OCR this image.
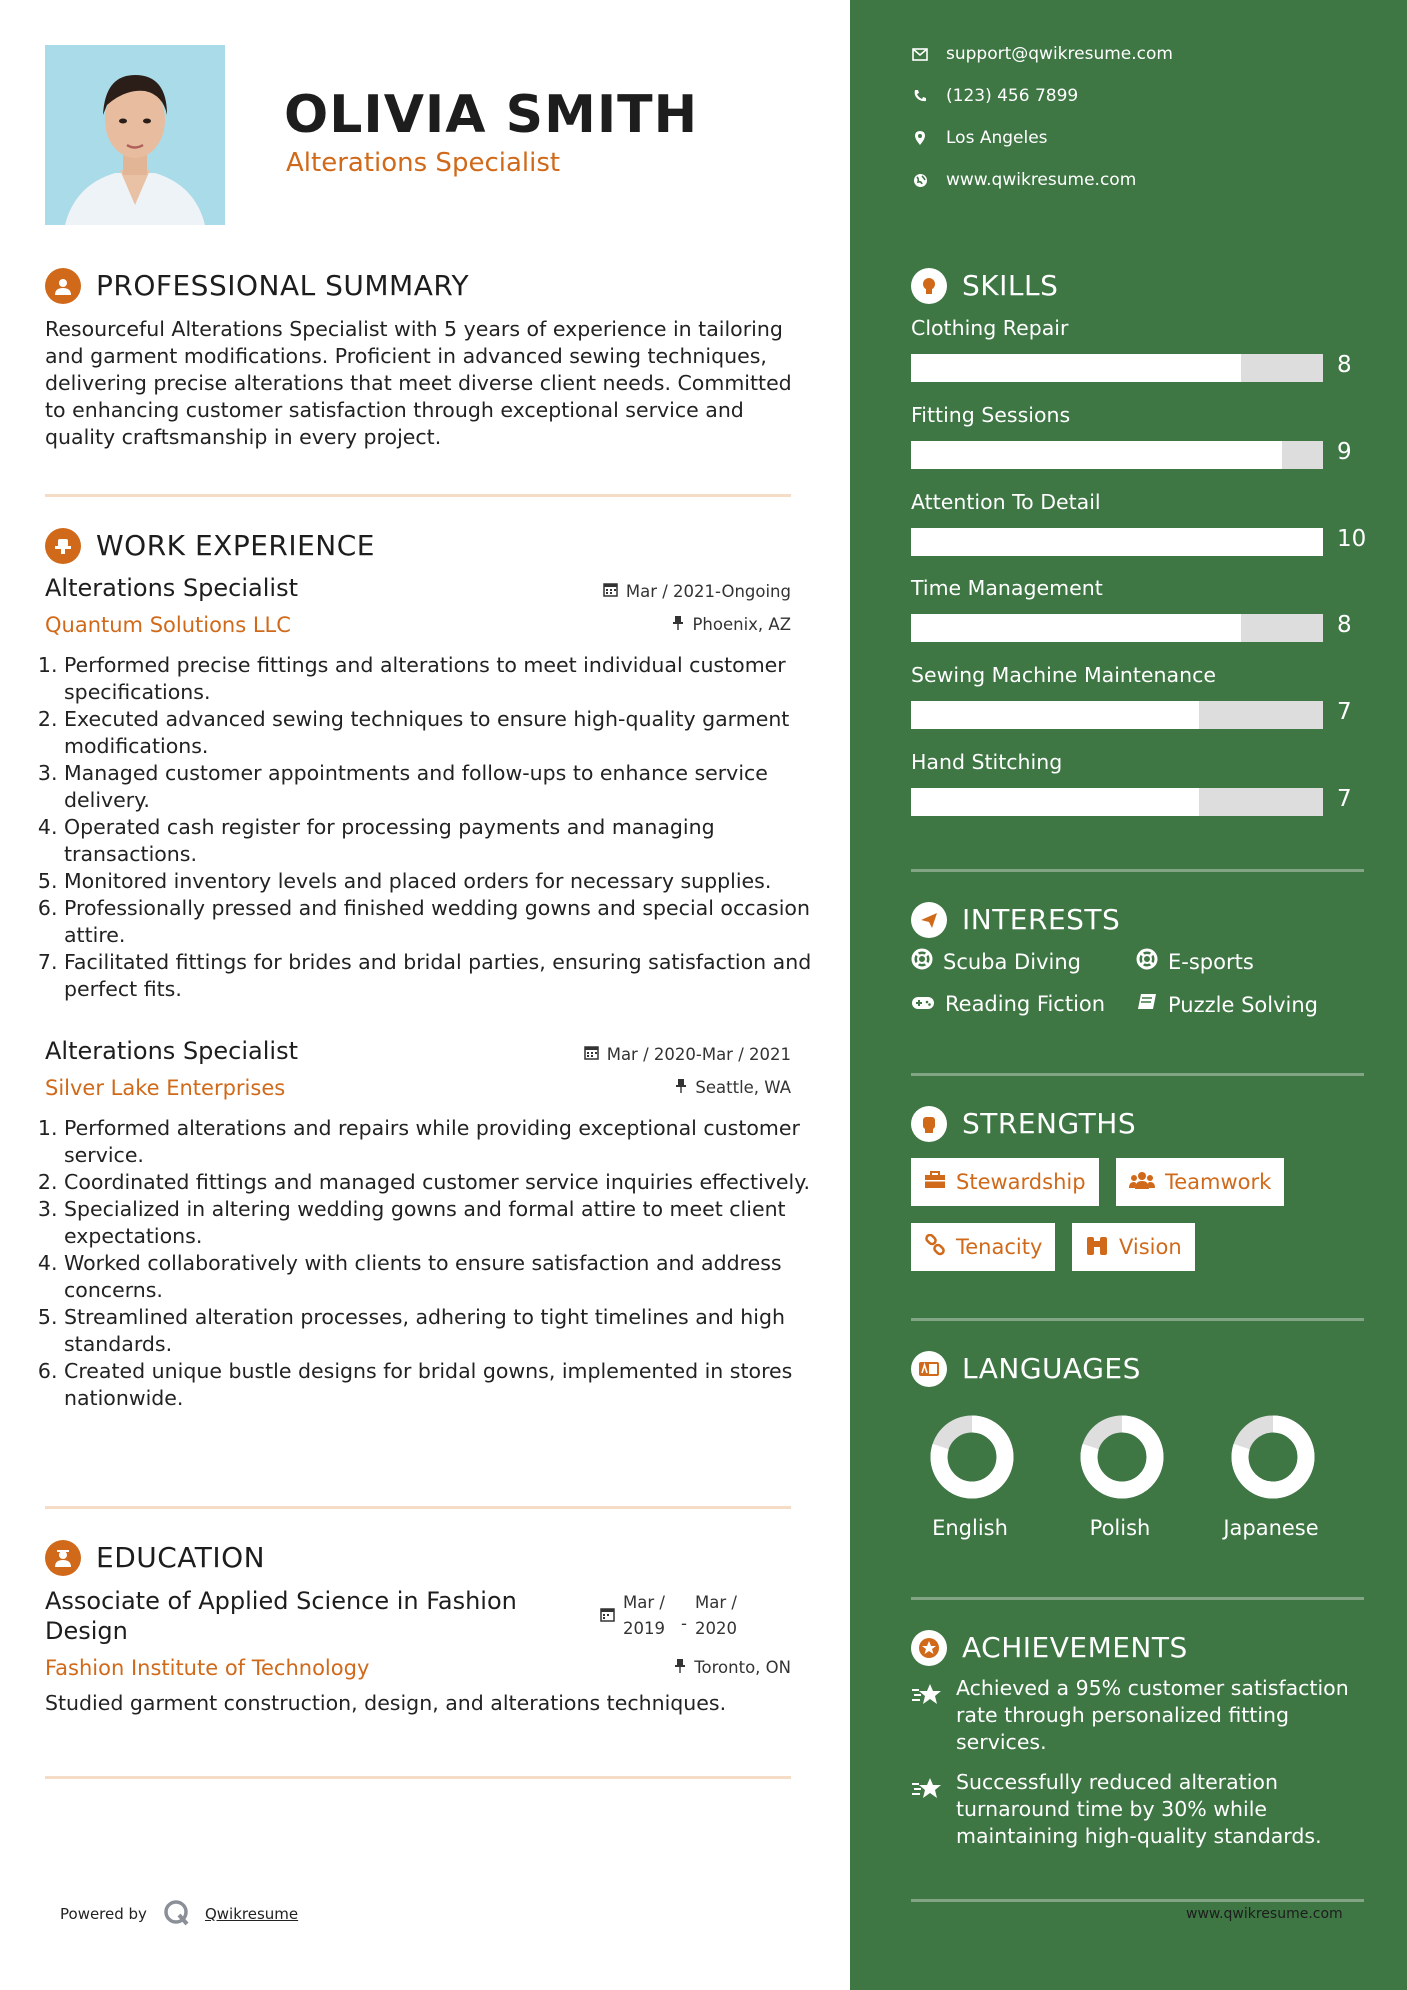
OLIVIA SMITH
Alterations Specialist
PROFESSIONAL SUMMARY
Resourceful Alterations Specialist with 5 years of experience in tailoring and garment modifications. Proficient in advanced sewing techniques, delivering precise alterations that meet diverse client needs. Committed to enhancing customer satisfaction through exceptional service and quality craftsmanship in every project.
WORK EXPERIENCE
Alterations Specialist	Mar / 2021-Ongoing
Quantum Solutions LLC	Phoenix, AZ
1. Performed precise fittings and alterations to meet individual customer specifications.
2. Executed advanced sewing techniques to ensure high-quality garment modifications.
3. Managed customer appointments and follow-ups to enhance service delivery.
4. Operated cash register for processing payments and managing transactions.
5. Monitored inventory levels and placed orders for necessary supplies.
6. Professionally pressed and finished wedding gowns and special occasion attire.
7. Facilitated fittings for brides and bridal parties, ensuring satisfaction and perfect fits.
Alterations Specialist	Mar / 2020-Mar / 2021
Silver Lake Enterprises	Seattle, WA
1. Performed alterations and repairs while providing exceptional customer service.
2. Coordinated fittings and managed customer service inquiries effectively.
3. Specialized in altering wedding gowns and formal attire to meet client expectations.
4. Worked collaboratively with clients to ensure satisfaction and address concerns.
5. Streamlined alteration processes, adhering to tight timelines and high standards.
6. Created unique bustle designs for bridal gowns, implemented in stores nationwide.
EDUCATION
Associate of Applied Science in Fashion Design
Mar /
2019 -
Mar /
2020
Fashion Institute of Technology	Toronto, ON
Studied garment construction, design, and alterations techniques.
Powered by	Qwikresume
support@qwikresume.com
(123) 456 7899
Los Angeles
www.qwikresume.com
SKILLS
Clothing Repair
8
Fitting Sessions
9
Attention To Detail
10
Time Management
8
Sewing Machine Maintenance
7
Hand Stitching
7
INTERESTS
Scuba Diving	E-sports
Reading Fiction	Puzzle Solving
STRENGTHS
Stewardship	Teamwork
Tenacity	Vision
LANGUAGES
English	Polish	Japanese
ACHIEVEMENTS
Achieved a 95% customer satisfaction rate through personalized fitting services.
Successfully reduced alteration turnaround time by 30% while maintaining high-quality standards.
www.qwikresume.com
